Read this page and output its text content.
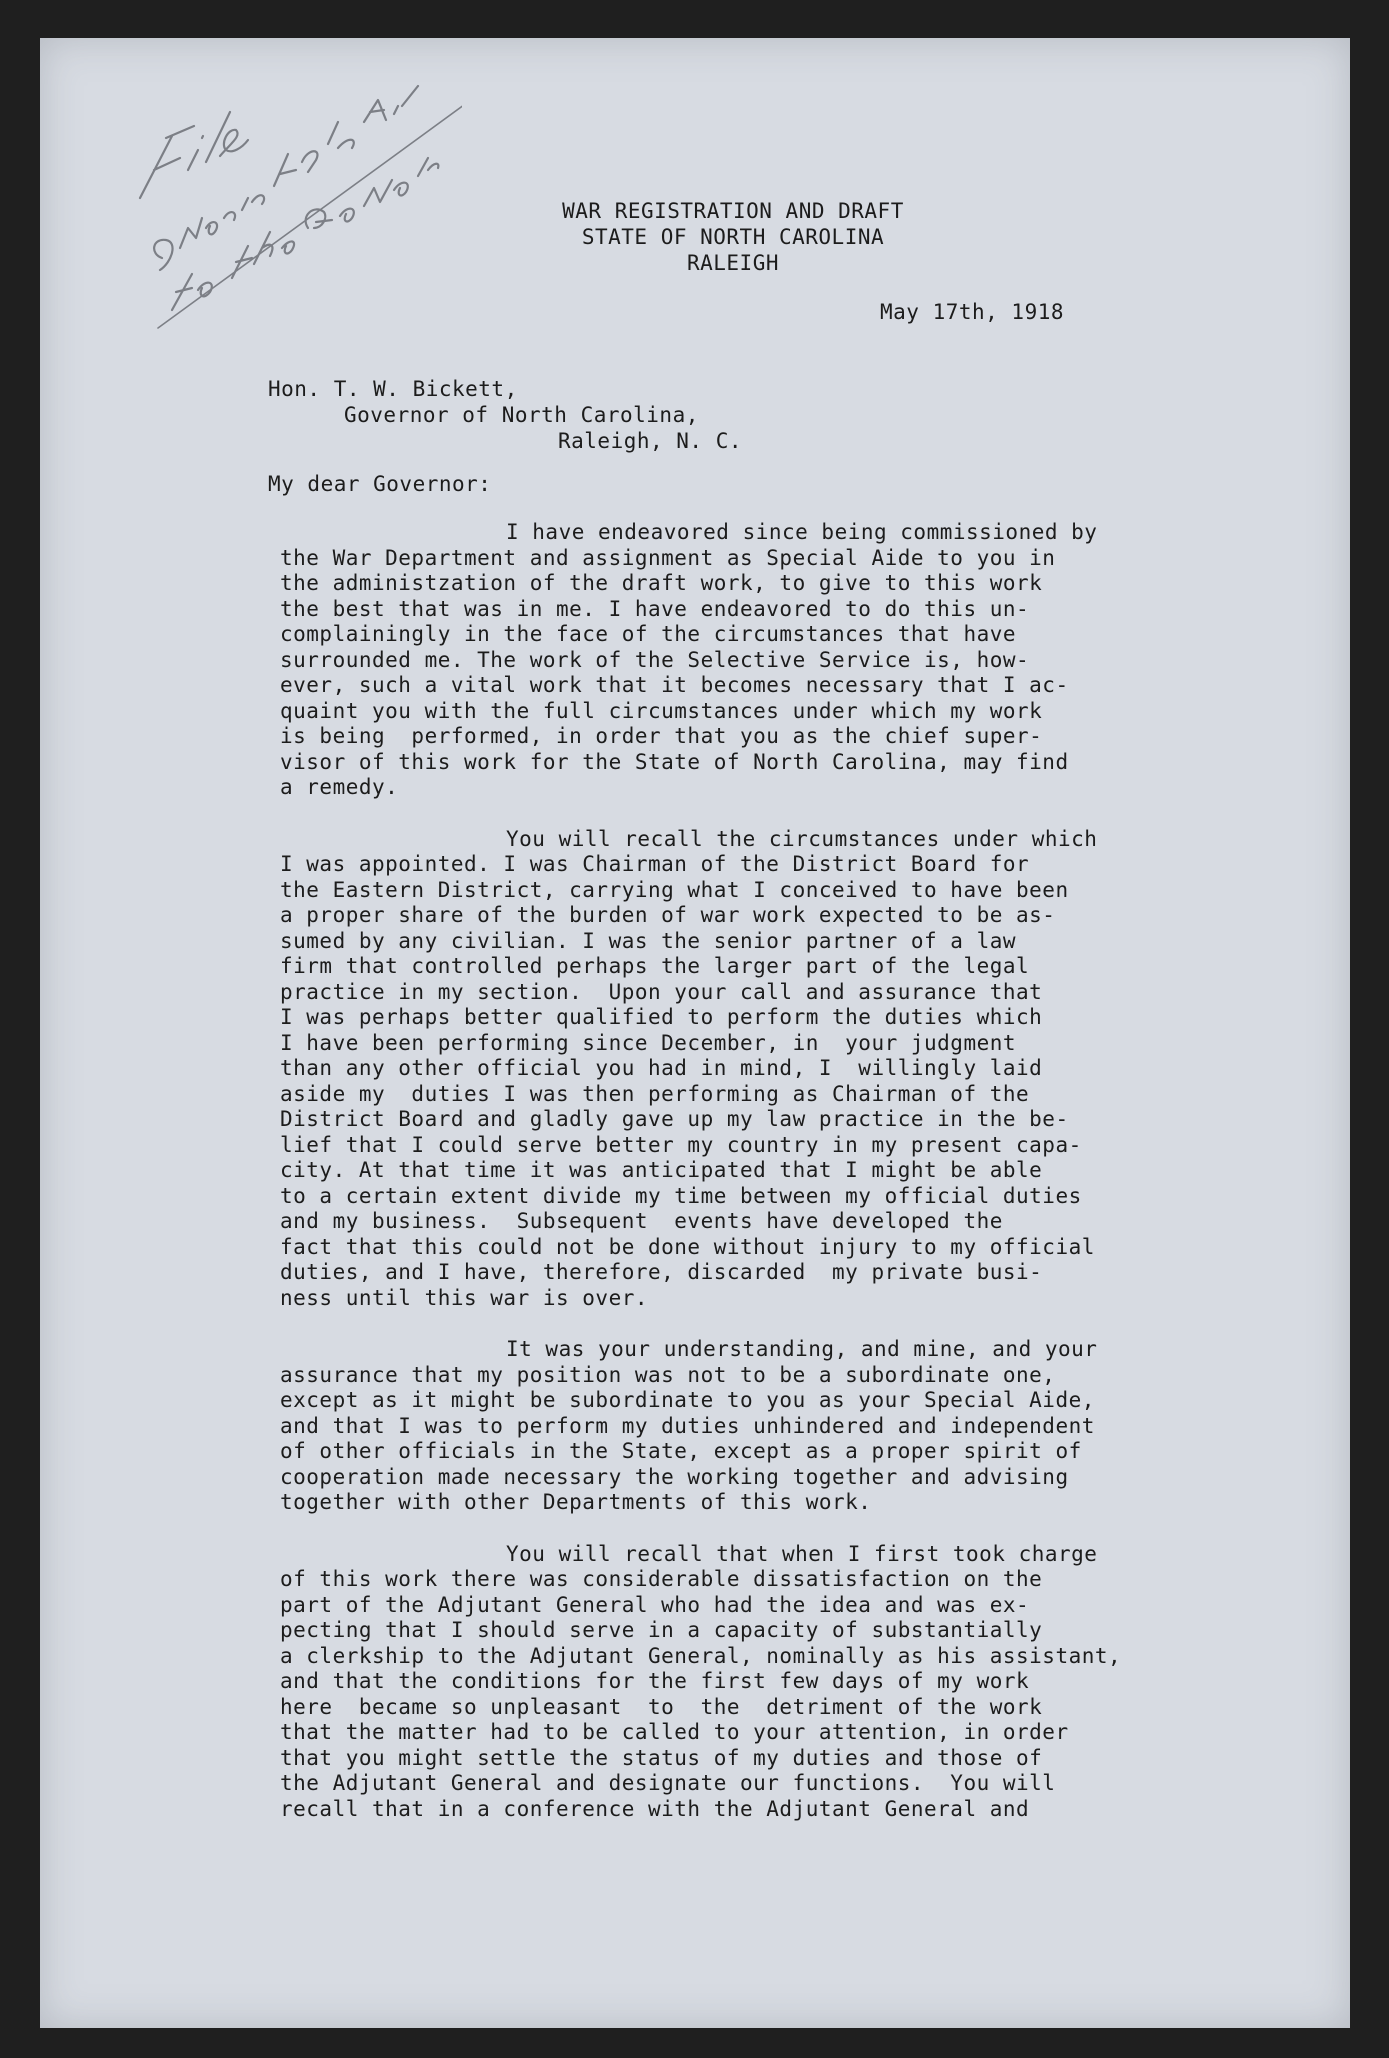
WAR REGISTRATION AND DRAFT
STATE OF NORTH CAROLINA
RALEIGH
May 17th, 1918
Hon. T. W. Bickett,
Governor of North Carolina,
Raleigh, N. C.
My dear Governor:
I have endeavored since being commissioned by
the War Department and assignment as Special Aide to you in
the administzation of the draft work, to give to this work
the best that was in me. I have endeavored to do this un-
complainingly in the face of the circumstances that have
surrounded me. The work of the Selective Service is, how-
ever, such a vital work that it becomes necessary that I ac-
quaint you with the full circumstances under which my work
is being  performed, in order that you as the chief super-
visor of this work for the State of North Carolina, may find
a remedy.
You will recall the circumstances under which
I was appointed. I was Chairman of the District Board for
the Eastern District, carrying what I conceived to have been
a proper share of the burden of war work expected to be as-
sumed by any civilian. I was the senior partner of a law
firm that controlled perhaps the larger part of the legal
practice in my section.  Upon your call and assurance that
I was perhaps better qualified to perform the duties which
I have been performing since December, in  your judgment
than any other official you had in mind, I  willingly laid
aside my  duties I was then performing as Chairman of the
District Board and gladly gave up my law practice in the be-
lief that I could serve better my country in my present capa-
city. At that time it was anticipated that I might be able
to a certain extent divide my time between my official duties
and my business.  Subsequent  events have developed the
fact that this could not be done without injury to my official
duties, and I have, therefore, discarded  my private busi-
ness until this war is over.
It was your understanding, and mine, and your
assurance that my position was not to be a subordinate one,
except as it might be subordinate to you as your Special Aide,
and that I was to perform my duties unhindered and independent
of other officials in the State, except as a proper spirit of
cooperation made necessary the working together and advising
together with other Departments of this work.
You will recall that when I first took charge
of this work there was considerable dissatisfaction on the
part of the Adjutant General who had the idea and was ex-
pecting that I should serve in a capacity of substantially
a clerkship to the Adjutant General, nominally as his assistant,
and that the conditions for the first few days of my work
here  became so unpleasant  to  the  detriment of the work
that the matter had to be called to your attention, in order
that you might settle the status of my duties and those of
the Adjutant General and designate our functions.  You will
recall that in a conference with the Adjutant General and
